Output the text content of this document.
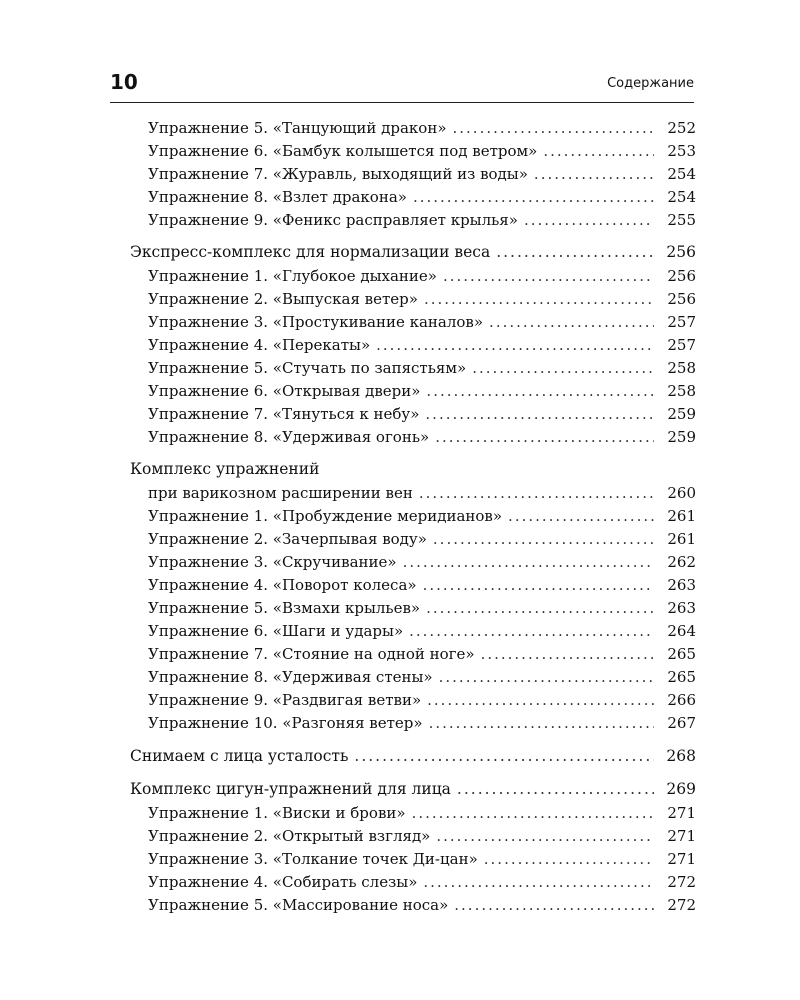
10	Содержание
Упражнение 5. «Танцующий дракон» .....	252
Упражнение 6. «Бамбук колышется под ветром» .....	253
Упражнение 7. «Журавль, выходящий из воды» .....	254
Упражнение 8. «Взлет дракона» .....	254
Упражнение 9. «Феникс расправляет крылья» .....	255
Экспресс-комплекс для нормализации веса .....	256
Упражнение 1. «Глубокое дыхание» .....	256
Упражнение 2. «Выпуская ветер» .....	256
Упражнение 3. «Простукивание каналов» .....	257
Упражнение 4. «Перекаты» .....	257
Упражнение 5. «Стучать по запястьям» .....	258
Упражнение 6. «Открывая двери» .....	258
Упражнение 7. «Тянуться к небу» .....	259
Упражнение 8. «Удерживая огонь» .....	259
Комплекс упражнений
при варикозном расширении вен .....	260
Упражнение 1. «Пробуждение меридианов» .....	261
Упражнение 2. «Зачерпывая воду» .....	261
Упражнение 3. «Скручивание» .....	262
Упражнение 4. «Поворот колеса» .....	263
Упражнение 5. «Взмахи крыльев» .....	263
Упражнение 6. «Шаги и удары» .....	264
Упражнение 7. «Стояние на одной ноге» .....	265
Упражнение 8. «Удерживая стены» .....	265
Упражнение 9. «Раздвигая ветви» .....	266
Упражнение 10. «Разгоняя ветер» .....	267
Снимаем с лица усталость .....	268
Комплекс цигун-упражнений для лица .....	269
Упражнение 1. «Виски и брови» .....	271
Упражнение 2. «Открытый взгляд» .....	271
Упражнение 3. «Толкание точек Ди-цан» .....	271
Упражнение 4. «Собирать слезы» .....	272
Упражнение 5. «Массирование носа» .....	272
